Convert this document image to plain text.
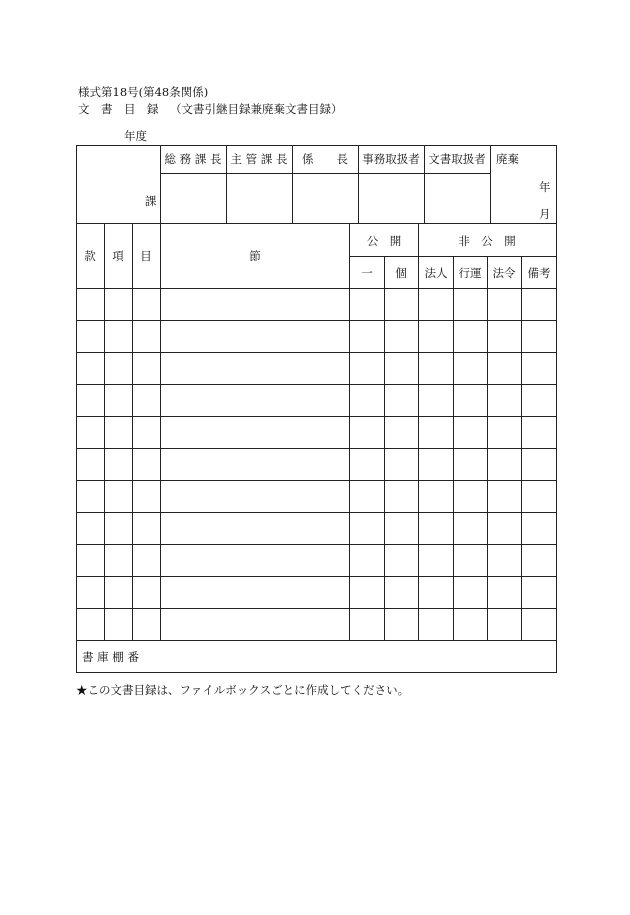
様式第18号(第48条関係)
文　書　目　録 （文書引継目録兼廃棄文書目録）
年度
課
総 務 課 長 主 管 課 長 係　　長 事務取扱者 文書取扱者 廃棄
年
月
款 項 目	節
公　開	非　公　開
一 個 法人 行運 法令 備考
書 庫 棚 番
★この文書目録は、ファイルボックスごとに作成してください。
